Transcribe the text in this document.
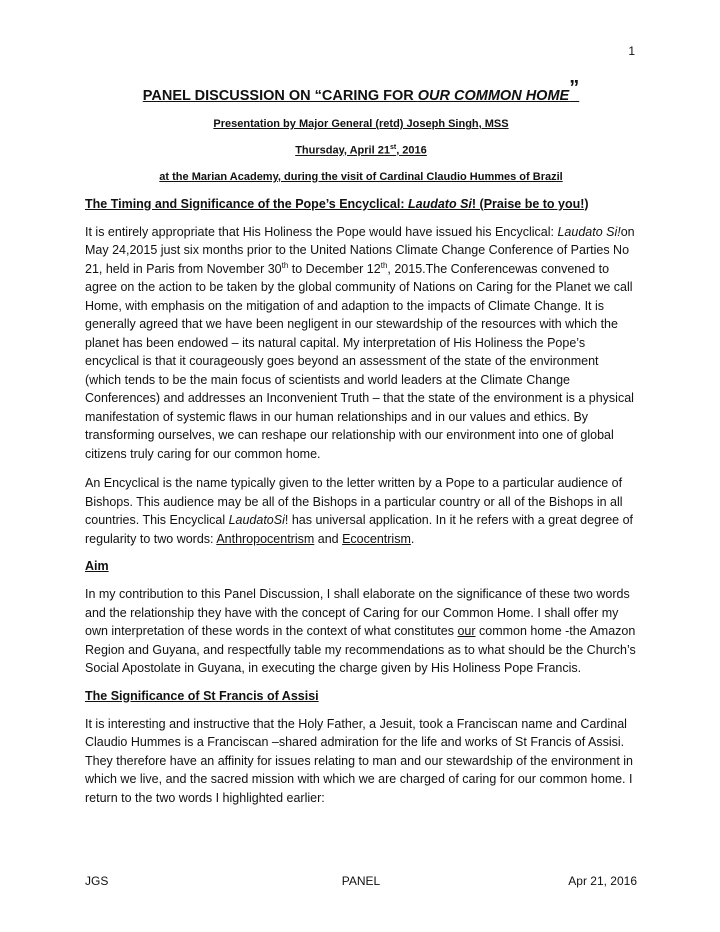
1
PANEL DISCUSSION ON “CARING FOR OUR COMMON HOME”
Presentation by Major General (retd) Joseph Singh, MSS
Thursday, April 21st, 2016
at the Marian Academy, during the visit of Cardinal Claudio Hummes of Brazil
The Timing and Significance of the Pope’s Encyclical: Laudato Si! (Praise be to you!)

It is entirely appropriate that His Holiness the Pope would have issued his Encyclical: Laudato Si!on May 24,2015 just six months prior to the United Nations Climate Change Conference of Parties No 21, held in Paris from November 30th to December 12th, 2015.The Conferencewas convened to agree on the action to be taken by the global community of Nations on Caring for the Planet we call Home, with emphasis on the mitigation of and adaption to the impacts of Climate Change. It is generally agreed that we have been negligent in our stewardship of the resources with which the planet has been endowed – its natural capital. My interpretation of His Holiness the Pope’s encyclical is that it courageously goes beyond an assessment of the state of the environment (which tends to be the main focus of scientists and world leaders at the Climate Change Conferences) and addresses an Inconvenient Truth – that the state of the environment is a physical manifestation of systemic flaws in our human relationships and in our values and ethics. By transforming ourselves, we can reshape our relationship with our environment into one of global citizens truly caring for our common home.

An Encyclical is the name typically given to the letter written by a Pope to a particular audience of Bishops. This audience may be all of the Bishops in a particular country or all of the Bishops in all countries. This Encyclical LaudatoSi! has universal application. In it he refers with a great degree of regularity to two words: Anthropocentrism and Ecocentrism.

Aim

In my contribution to this Panel Discussion, I shall elaborate on the significance of these two words and the relationship they have with the concept of Caring for our Common Home. I shall offer my own interpretation of these words in the context of what constitutes our common home -the Amazon Region and Guyana, and respectfully table my recommendations as to what should be the Church’s Social Apostolate in Guyana, in executing the charge given by His Holiness Pope Francis.

The Significance of St Francis of Assisi

It is interesting and instructive that the Holy Father, a Jesuit, took a Franciscan name and Cardinal Claudio Hummes is a Franciscan –shared admiration for the life and works of St Francis of Assisi. They therefore have an affinity for issues relating to man and our stewardship of the environment in which we live, and the sacred mission with which we are charged of caring for our common home. I return to the two words I highlighted earlier:

JGS	PANEL	Apr 21, 2016
